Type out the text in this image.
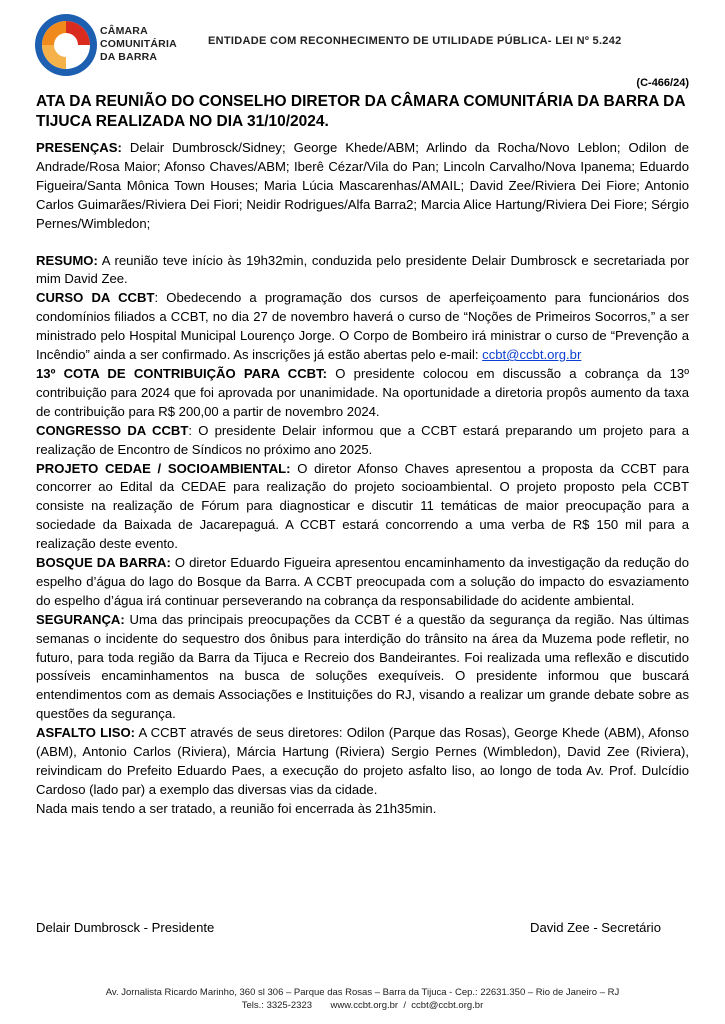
CÂMARA
COMUNITÁRIA
DA BARRA
ENTIDADE COM RECONHECIMENTO DE UTILIDADE PÚBLICA- LEI Nº 5.242
(C-466/24)
ATA DA REUNIÃO DO CONSELHO DIRETOR DA CÂMARA COMUNITÁRIA DA BARRA DA TIJUCA REALIZADA NO DIA 31/10/2024.

PRESENÇAS: Delair Dumbrosck/Sidney; George Khede/ABM; Arlindo da Rocha/Novo Leblon; Odilon de Andrade/Rosa Maior; Afonso Chaves/ABM; Iberê Cézar/Vila do Pan; Lincoln Carvalho/Nova Ipanema; Eduardo Figueira/Santa Mônica Town Houses; Maria Lúcia Mascarenhas/AMAIL; David Zee/Riviera Dei Fiore; Antonio Carlos Guimarães/Riviera Dei Fiori; Neidir Rodrigues/Alfa Barra2; Marcia Alice Hartung/Riviera Dei Fiore; Sérgio Pernes/Wimbledon;

RESUMO: A reunião teve início às 19h32min, conduzida pelo presidente Delair Dumbrosck e secretariada por mim David Zee.

CURSO DA CCBT: Obedecendo a programação dos cursos de aperfeiçoamento para funcionários dos condomínios filiados a CCBT, no dia 27 de novembro haverá o curso de “Noções de Primeiros Socorros,” a ser ministrado pelo Hospital Municipal Lourenço Jorge. O Corpo de Bombeiro irá ministrar o curso de “Prevenção a Incêndio” ainda a ser confirmado. As inscrições já estão abertas pelo e-mail: ccbt@ccbt.org.br

13º COTA DE CONTRIBUIÇÃO PARA CCBT: O presidente colocou em discussão a cobrança da 13º contribuição para 2024 que foi aprovada por unanimidade. Na oportunidade a diretoria propôs aumento da taxa de contribuição para R$ 200,00 a partir de novembro 2024.

CONGRESSO DA CCBT: O presidente Delair informou que a CCBT estará preparando um projeto para a realização de Encontro de Síndicos no próximo ano 2025.

PROJETO CEDAE / SOCIOAMBIENTAL: O diretor Afonso Chaves apresentou a proposta da CCBT para concorrer ao Edital da CEDAE para realização do projeto socioambiental. O projeto proposto pela CCBT consiste na realização de Fórum para diagnosticar e discutir 11 temáticas de maior preocupação para a sociedade da Baixada de Jacarepaguá. A CCBT estará concorrendo a uma verba de R$ 150 mil para a realização deste evento.

BOSQUE DA BARRA: O diretor Eduardo Figueira apresentou encaminhamento da investigação da redução do espelho d’água do lago do Bosque da Barra. A CCBT preocupada com a solução do impacto do esvaziamento do espelho d’água irá continuar perseverando na cobrança da responsabilidade do acidente ambiental.

SEGURANÇA: Uma das principais preocupações da CCBT é a questão da segurança da região. Nas últimas semanas o incidente do sequestro dos ônibus para interdição do trânsito na área da Muzema pode refletir, no futuro, para toda região da Barra da Tijuca e Recreio dos Bandeirantes. Foi realizada uma reflexão e discutido possíveis encaminhamentos na busca de soluções exequíveis. O presidente informou que buscará entendimentos com as demais Associações e Instituições do RJ, visando a realizar um grande debate sobre as questões da segurança.

ASFALTO LISO: A CCBT através de seus diretores: Odilon (Parque das Rosas), George Khede (ABM), Afonso (ABM), Antonio Carlos (Riviera), Márcia Hartung (Riviera) Sergio Pernes (Wimbledon), David Zee (Riviera), reivindicam do Prefeito Eduardo Paes, a execução do projeto asfalto liso, ao longo de toda Av. Prof. Dulcídio Cardoso (lado par) a exemplo das diversas vias da cidade.

Nada mais tendo a ser tratado, a reunião foi encerrada às 21h35min.

Delair Dumbrosck - Presidente	David Zee - Secretário
Av. Jornalista Ricardo Marinho, 360 sl 306 – Parque das Rosas – Barra da Tijuca - Cep.: 22631.350 – Rio de Janeiro – RJ
Tels.: 3325-2323 www.ccbt.org.br / ccbt@ccbt.org.br
